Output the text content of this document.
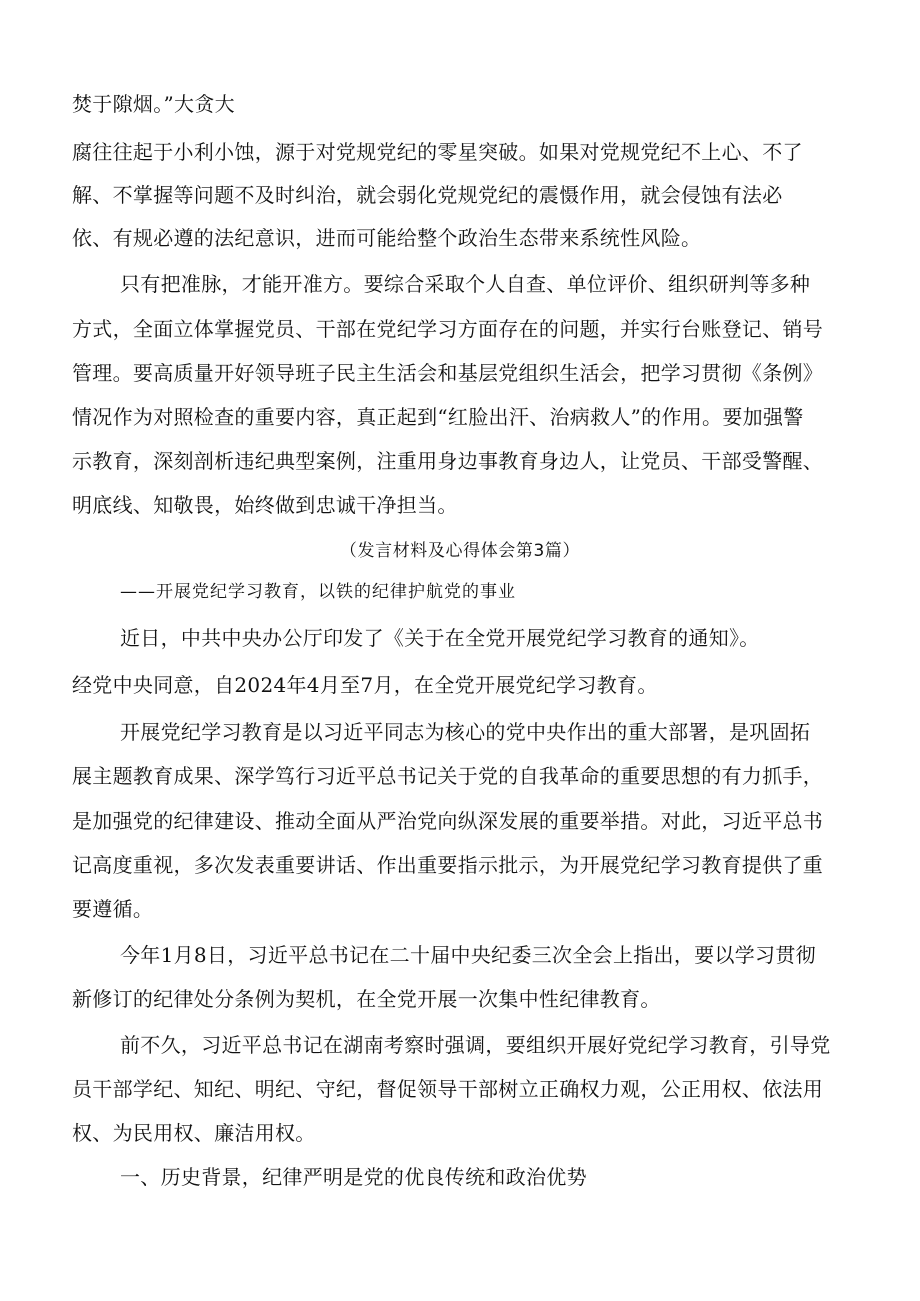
焚于隙烟。”大贪大
腐往往起于小利小蚀，源于对党规党纪的零星突破。如果对党规党纪不上心、不了
解、不掌握等问题不及时纠治，就会弱化党规党纪的震慑作用，就会侵蚀有法必
依、有规必遵的法纪意识，进而可能给整个政治生态带来系统性风险。
只有把准脉，才能开准方。要综合采取个人自查、单位评价、组织研判等多种
方式，全面立体掌握党员、干部在党纪学习方面存在的问题，并实行台账登记、销号
管理。要高质量开好领导班子民主生活会和基层党组织生活会，把学习贯彻《条例》
情况作为对照检查的重要内容，真正起到“红脸出汗、治病救人”的作用。要加强警
示教育，深刻剖析违纪典型案例，注重用身边事教育身边人，让党员、干部受警醒、
明底线、知敬畏，始终做到忠诚干净担当。
（发言材料及心得体会第3篇）
——开展党纪学习教育，以铁的纪律护航党的事业
近日，中共中央办公厅印发了《关于在全党开展党纪学习教育的通知》。
经党中央同意，自2024年4月至7月，在全党开展党纪学习教育。
开展党纪学习教育是以习近平同志为核心的党中央作出的重大部署，是巩固拓
展主题教育成果、深学笃行习近平总书记关于党的自我革命的重要思想的有力抓手，
是加强党的纪律建设、推动全面从严治党向纵深发展的重要举措。对此，习近平总书
记高度重视，多次发表重要讲话、作出重要指示批示，为开展党纪学习教育提供了重
要遵循。
今年1月8日，习近平总书记在二十届中央纪委三次全会上指出，要以学习贯彻
新修订的纪律处分条例为契机，在全党开展一次集中性纪律教育。
前不久，习近平总书记在湖南考察时强调，要组织开展好党纪学习教育，引导党
员干部学纪、知纪、明纪、守纪，督促领导干部树立正确权力观，公正用权、依法用
权、为民用权、廉洁用权。
一、历史背景，纪律严明是党的优良传统和政治优势
